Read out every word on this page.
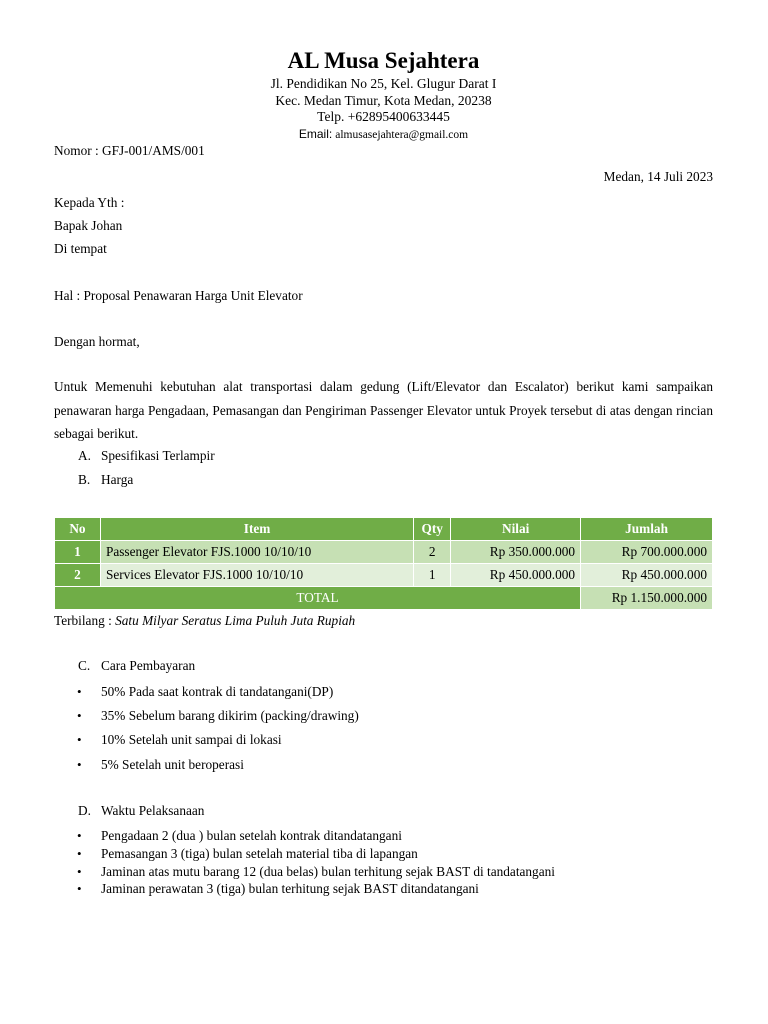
AL Musa Sejahtera
Jl. Pendidikan No 25, Kel. Glugur Darat I
Kec. Medan Timur, Kota Medan, 20238
Telp. +62895400633445
Email: almusasejahtera@gmail.com
Nomor : GFJ-001/AMS/001
Medan, 14 Juli 2023
Kepada Yth :
Bapak Johan
Di tempat
Hal : Proposal Penawaran Harga Unit Elevator
Dengan hormat,
Untuk Memenuhi kebutuhan alat transportasi dalam gedung (Lift/Elevator dan Escalator) berikut kami sampaikan penawaran harga Pengadaan, Pemasangan dan Pengiriman Passenger Elevator untuk Proyek tersebut di atas dengan rincian sebagai berikut.
A. Spesifikasi Terlampir
B. Harga
No	Item	Qty	Nilai	Jumlah
1	Passenger Elevator FJS.1000 10/10/10	2	Rp 350.000.000	Rp 700.000.000
2	Services Elevator FJS.1000 10/10/10	1	Rp 450.000.000	Rp 450.000.000
TOTAL				Rp 1.150.000.000
Terbilang : Satu Milyar Seratus Lima Puluh Juta Rupiah
C. Cara Pembayaran
• 50% Pada saat kontrak di tandatangani(DP)
• 35% Sebelum barang dikirim (packing/drawing)
• 10% Setelah unit sampai di lokasi
• 5% Setelah unit beroperasi
D. Waktu Pelaksanaan
• Pengadaan 2 (dua ) bulan setelah kontrak ditandatangani
• Pemasangan 3 (tiga) bulan setelah material tiba di lapangan
• Jaminan atas mutu barang 12 (dua belas) bulan terhitung sejak BAST di tandatangani
• Jaminan perawatan 3 (tiga) bulan terhitung sejak BAST ditandatangani
